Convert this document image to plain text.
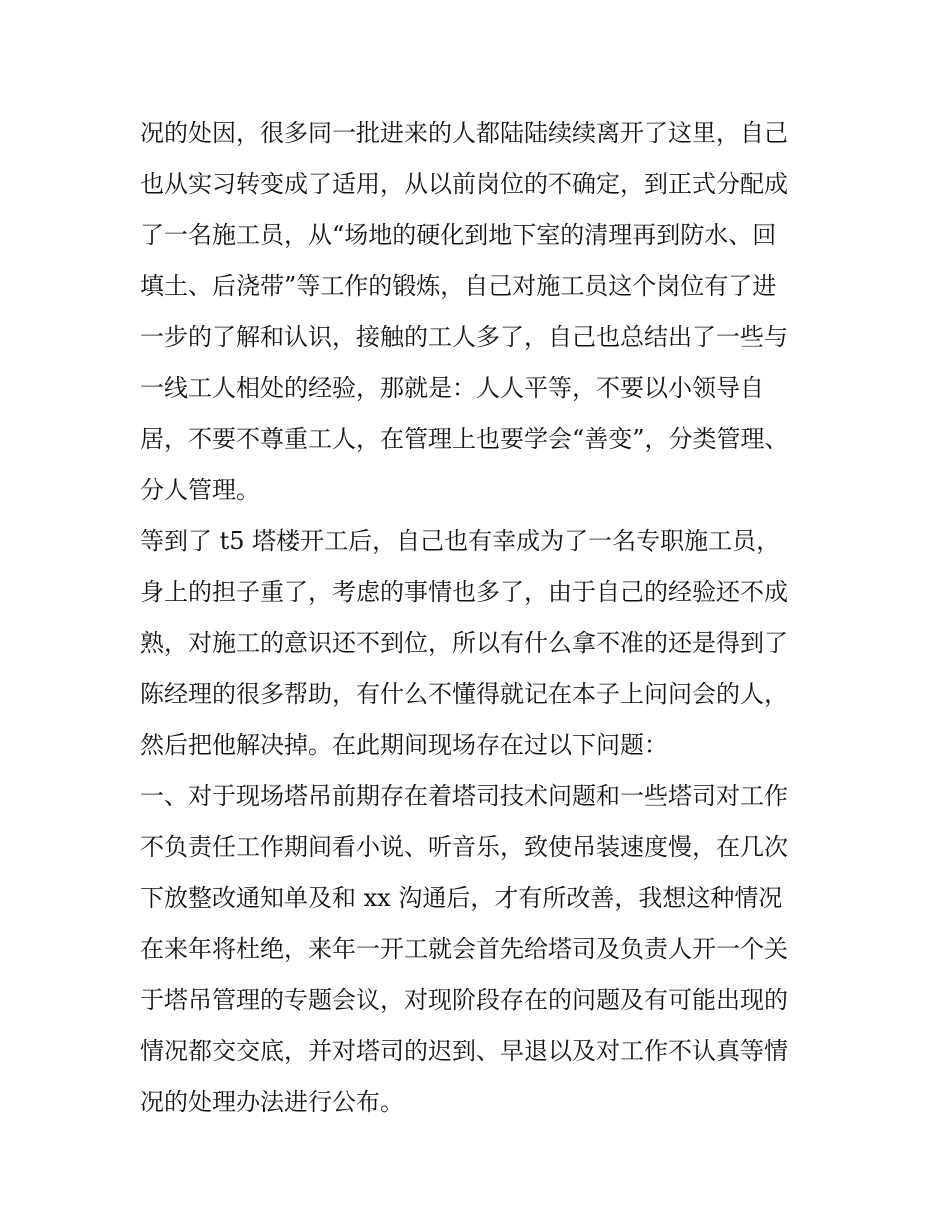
况的处因，很多同一批进来的人都陆陆续续离开了这里，自己
也从实习转变成了适用，从以前岗位的不确定，到正式分配成
了一名施工员，从“场地的硬化到地下室的清理再到防水、回
填土、后浇带”等工作的锻炼，自己对施工员这个岗位有了进
一步的了解和认识，接触的工人多了，自己也总结出了一些与
一线工人相处的经验，那就是：人人平等，不要以小领导自
居，不要不尊重工人，在管理上也要学会“善变”，分类管理、
分人管理。
等到了 t5 塔楼开工后，自己也有幸成为了一名专职施工员，
身上的担子重了，考虑的事情也多了，由于自己的经验还不成
熟，对施工的意识还不到位，所以有什么拿不准的还是得到了
陈经理的很多帮助，有什么不懂得就记在本子上问问会的人，
然后把他解决掉。在此期间现场存在过以下问题：
一、对于现场塔吊前期存在着塔司技术问题和一些塔司对工作
不负责任工作期间看小说、听音乐，致使吊装速度慢，在几次
下放整改通知单及和 xx 沟通后，才有所改善，我想这种情况
在来年将杜绝，来年一开工就会首先给塔司及负责人开一个关
于塔吊管理的专题会议，对现阶段存在的问题及有可能出现的
情况都交交底，并对塔司的迟到、早退以及对工作不认真等情
况的处理办法进行公布。
